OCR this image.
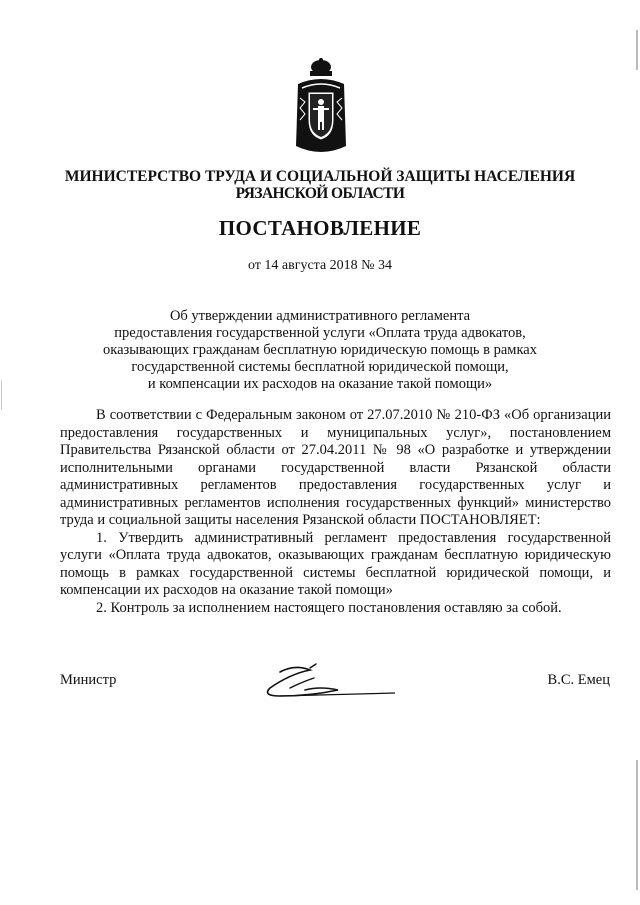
МИНИСТЕРСТВО ТРУДА И СОЦИАЛЬНОЙ ЗАЩИТЫ НАСЕЛЕНИЯ
РЯЗАНСКОЙ ОБЛАСТИ
ПОСТАНОВЛЕНИЕ
от 14 августа 2018 № 34
Об утверждении административного регламента
предоставления государственной услуги «Оплата труда адвокатов,
оказывающих гражданам бесплатную юридическую помощь в рамках
государственной системы бесплатной юридической помощи,
и компенсации их расходов на оказание такой помощи»

В соответствии с Федеральным законом от 27.07.2010 № 210-ФЗ «Об организации предоставления государственных и муниципальных услуг», постановлением Правительства Рязанской области от 27.04.2011 № 98 «О разработке и утверждении исполнительными органами государственной власти Рязанской области административных регламентов предоставления государственных услуг и административных регламентов исполнения государственных функций» министерство труда и социальной защиты населения Рязанской области ПОСТАНОВЛЯЕТ:

1. Утвердить административный регламент предоставления государственной услуги «Оплата труда адвокатов, оказывающих гражданам бесплатную юридическую помощь в рамках государственной системы бесплатной юридической помощи, и компенсации их расходов на оказание такой помощи»

2. Контроль за исполнением настоящего постановления оставляю за собой.

Министр	В.С. Емец
